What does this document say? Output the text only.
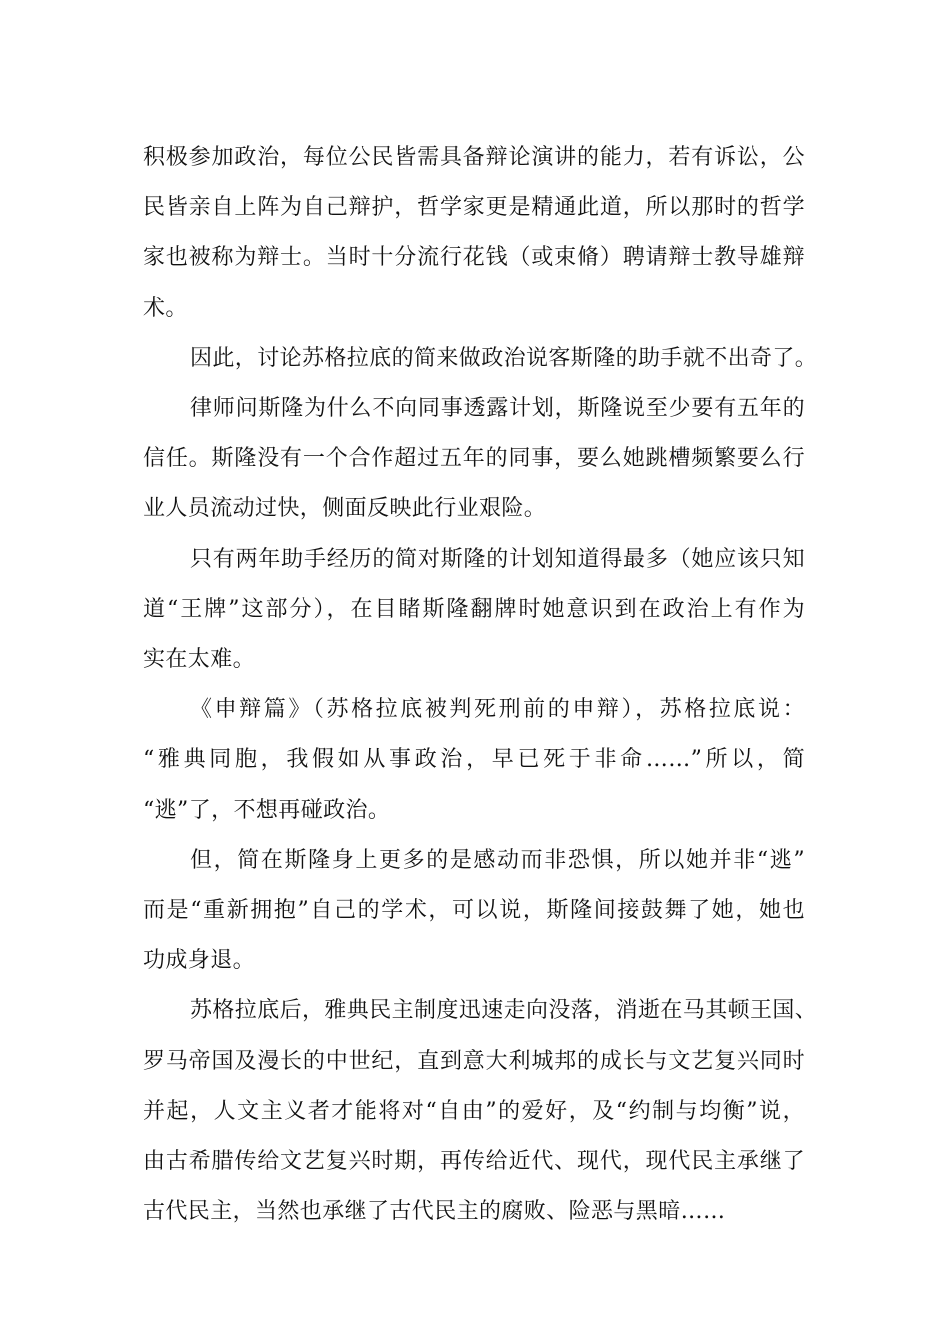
积极参加政治，每位公民皆需具备辩论演讲的能力，若有诉讼，公
民皆亲自上阵为自己辩护，哲学家更是精通此道，所以那时的哲学
家也被称为辩士。当时十分流行花钱（或束脩）聘请辩士教导雄辩
术。
因此，讨论苏格拉底的简来做政治说客斯隆的助手就不出奇了。
律师问斯隆为什么不向同事透露计划，斯隆说至少要有五年的
信任。斯隆没有一个合作超过五年的同事，要么她跳槽频繁要么行
业人员流动过快，侧面反映此行业艰险。
只有两年助手经历的简对斯隆的计划知道得最多（她应该只知
道“王牌”这部分），在目睹斯隆翻牌时她意识到在政治上有作为
实在太难。
《申辩篇》（苏格拉底被判死刑前的申辩），苏格拉底说：
“雅典同胞，我假如从事政治，早已死于非命……”所以，简
“逃”了，不想再碰政治。
但，简在斯隆身上更多的是感动而非恐惧，所以她并非“逃”
而是“重新拥抱”自己的学术，可以说，斯隆间接鼓舞了她，她也
功成身退。
苏格拉底后，雅典民主制度迅速走向没落，消逝在马其顿王国、
罗马帝国及漫长的中世纪，直到意大利城邦的成长与文艺复兴同时
并起，人文主义者才能将对“自由”的爱好，及“约制与均衡”说，
由古希腊传给文艺复兴时期，再传给近代、现代，现代民主承继了
古代民主，当然也承继了古代民主的腐败、险恶与黑暗……
